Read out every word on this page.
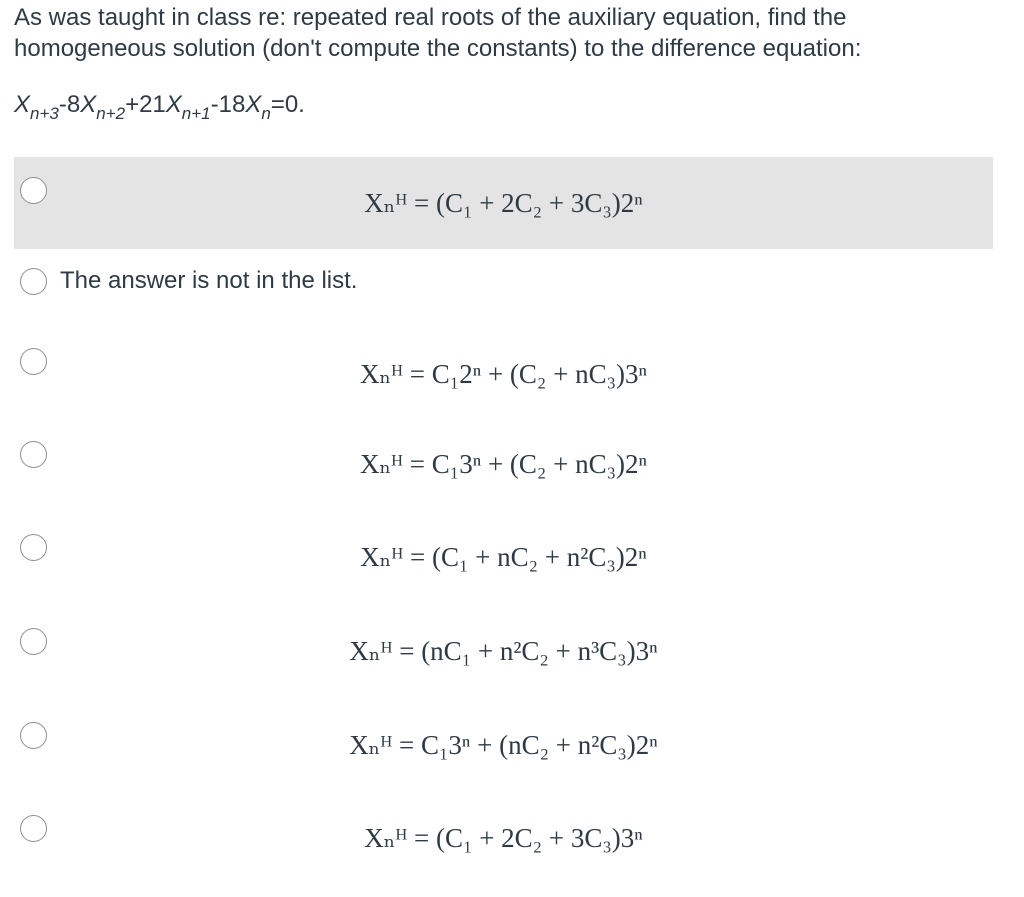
As was taught in class re: repeated real roots of the auxiliary equation, find the homogeneous solution (don't compute the constants) to the difference equation:
$X_{n+3}-8X_{n+2}+21X_{n+1}-18X_n=0$.
Xₙᴴ = (C₁ + 2C₂ + 3C₃)2ⁿ
The answer is not in the list.
Xₙᴴ = C₁2ⁿ + (C₂ + nC₃)3ⁿ
Xₙᴴ = C₁3ⁿ + (C₂ + nC₃)2ⁿ
Xₙᴴ = (C₁ + nC₂ + n²C₃)2ⁿ
Xₙᴴ = (nC₁ + n²C₂ + n³C₃)3ⁿ
Xₙᴴ = C₁3ⁿ + (nC₂ + n²C₃)2ⁿ
Xₙᴴ = (C₁ + 2C₂ + 3C₃)3ⁿ
